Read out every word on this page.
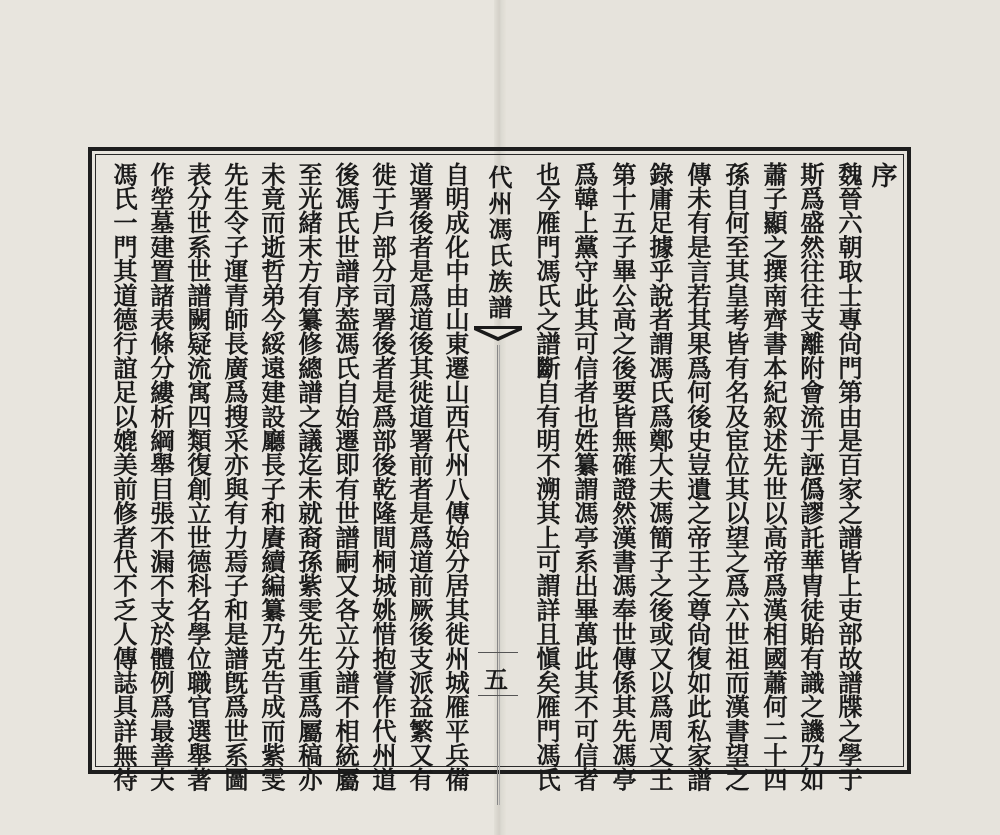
序
魏晉六朝取士專尙門第由是百家之譜皆上吏部故譜牒之學于
斯爲盛然往往支離附會流于誣僞謬託華胄徒貽有識之譏乃如
蕭子顯之撰南齊書本紀叙述先世以高帝爲漢相國蕭何二十四
孫自何至其皇考皆有名及宦位其以望之爲六世祖而漢書望之
傳未有是言若其果爲何後史豈遺之帝王之尊尙復如此私家譜
錄庸足據乎說者謂馮氏爲鄭大夫馮簡子之後或又以爲周文王
第十五子畢公高之後要皆無確證然漢書馮奉世傳係其先馮亭
爲韓上黨守此其可信者也姓纂謂馮亭系出畢萬此其不可信者
代州馮氏族譜
五
自明成化中由山東遷山西代州八傳始分居其徙州城雁平兵備
道署後者是爲道後其徙道署前者是爲道前厥後支派益繁又有
徙于戶部分司署後者是爲部後乾隆間桐城姚惜抱嘗作代州道
後馮氏世譜序葢馮氏自始遷即有世譜嗣又各立分譜不相統屬
至光緒末方有纂修總譜之議迄未就裔孫紫雯先生重爲屬稿亦
未竟而逝哲弟今綏遠建設廳長子和賡續編纂乃克告成而紫雯
先生令子運青師長廣爲搜采亦與有力焉子和是譜旣爲世系圖
表分世系世譜闕疑流寓四類復創立世德科名學位職官選舉著
作塋墓建置諸表條分縷析綱舉目張不漏不支於體例爲最善夫
馮氏一門其道德行誼足以媲美前修者代不乏人傳誌具詳無待	也今雁門馮氏之譜斷自有明不溯其上可謂詳且愼矣雁門馮氏
